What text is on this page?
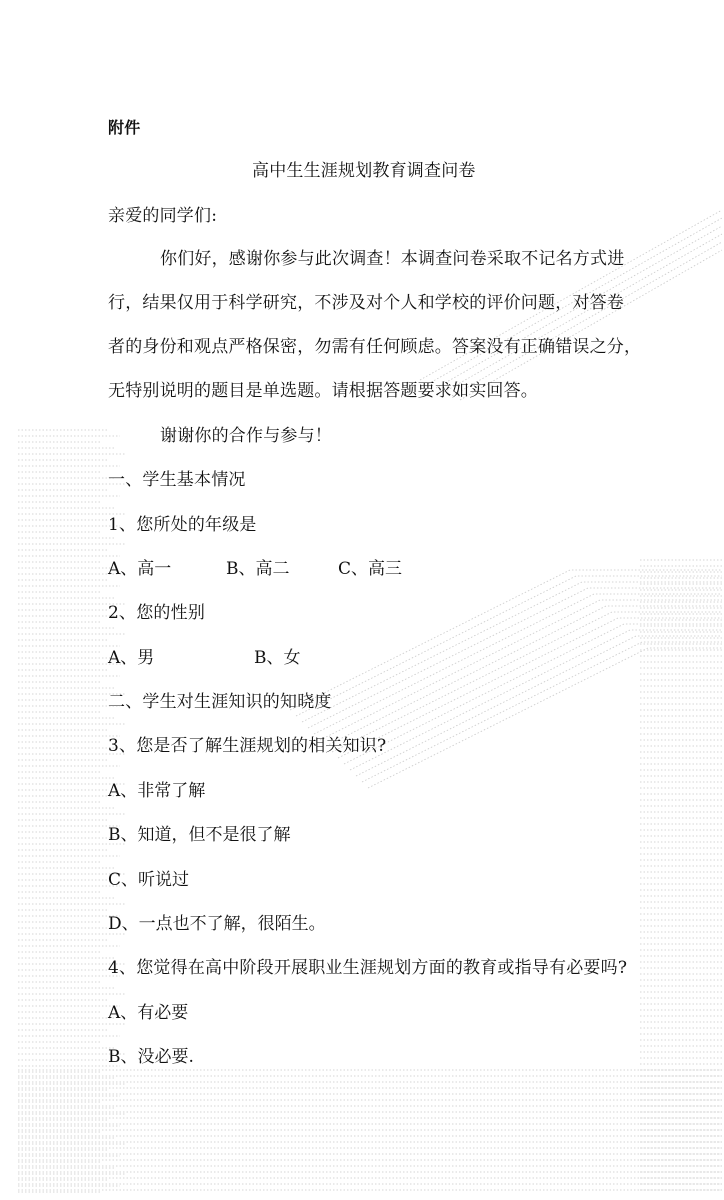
附件
高中生生涯规划教育调查问卷
亲爱的同学们:
你们好，感谢你参与此次调查！本调查问卷采取不记名方式进
行，结果仅用于科学研究，不涉及对个人和学校的评价问题，对答卷
者的身份和观点严格保密，勿需有任何顾虑。答案没有正确错误之分，
无特别说明的题目是单选题。请根据答题要求如实回答。
谢谢你的合作与参与！
一、学生基本情况
1、您所处的年级是
A、高一	B、高二	C、高三
2、您的性别
A、男	B、女
二、学生对生涯知识的知晓度
3、您是否了解生涯规划的相关知识?
A、非常了解
B、知道，但不是很了解
C、听说过
D、一点也不了解，很陌生。
4、您觉得在高中阶段开展职业生涯规划方面的教育或指导有必要吗?
A、有必要
B、没必要.
